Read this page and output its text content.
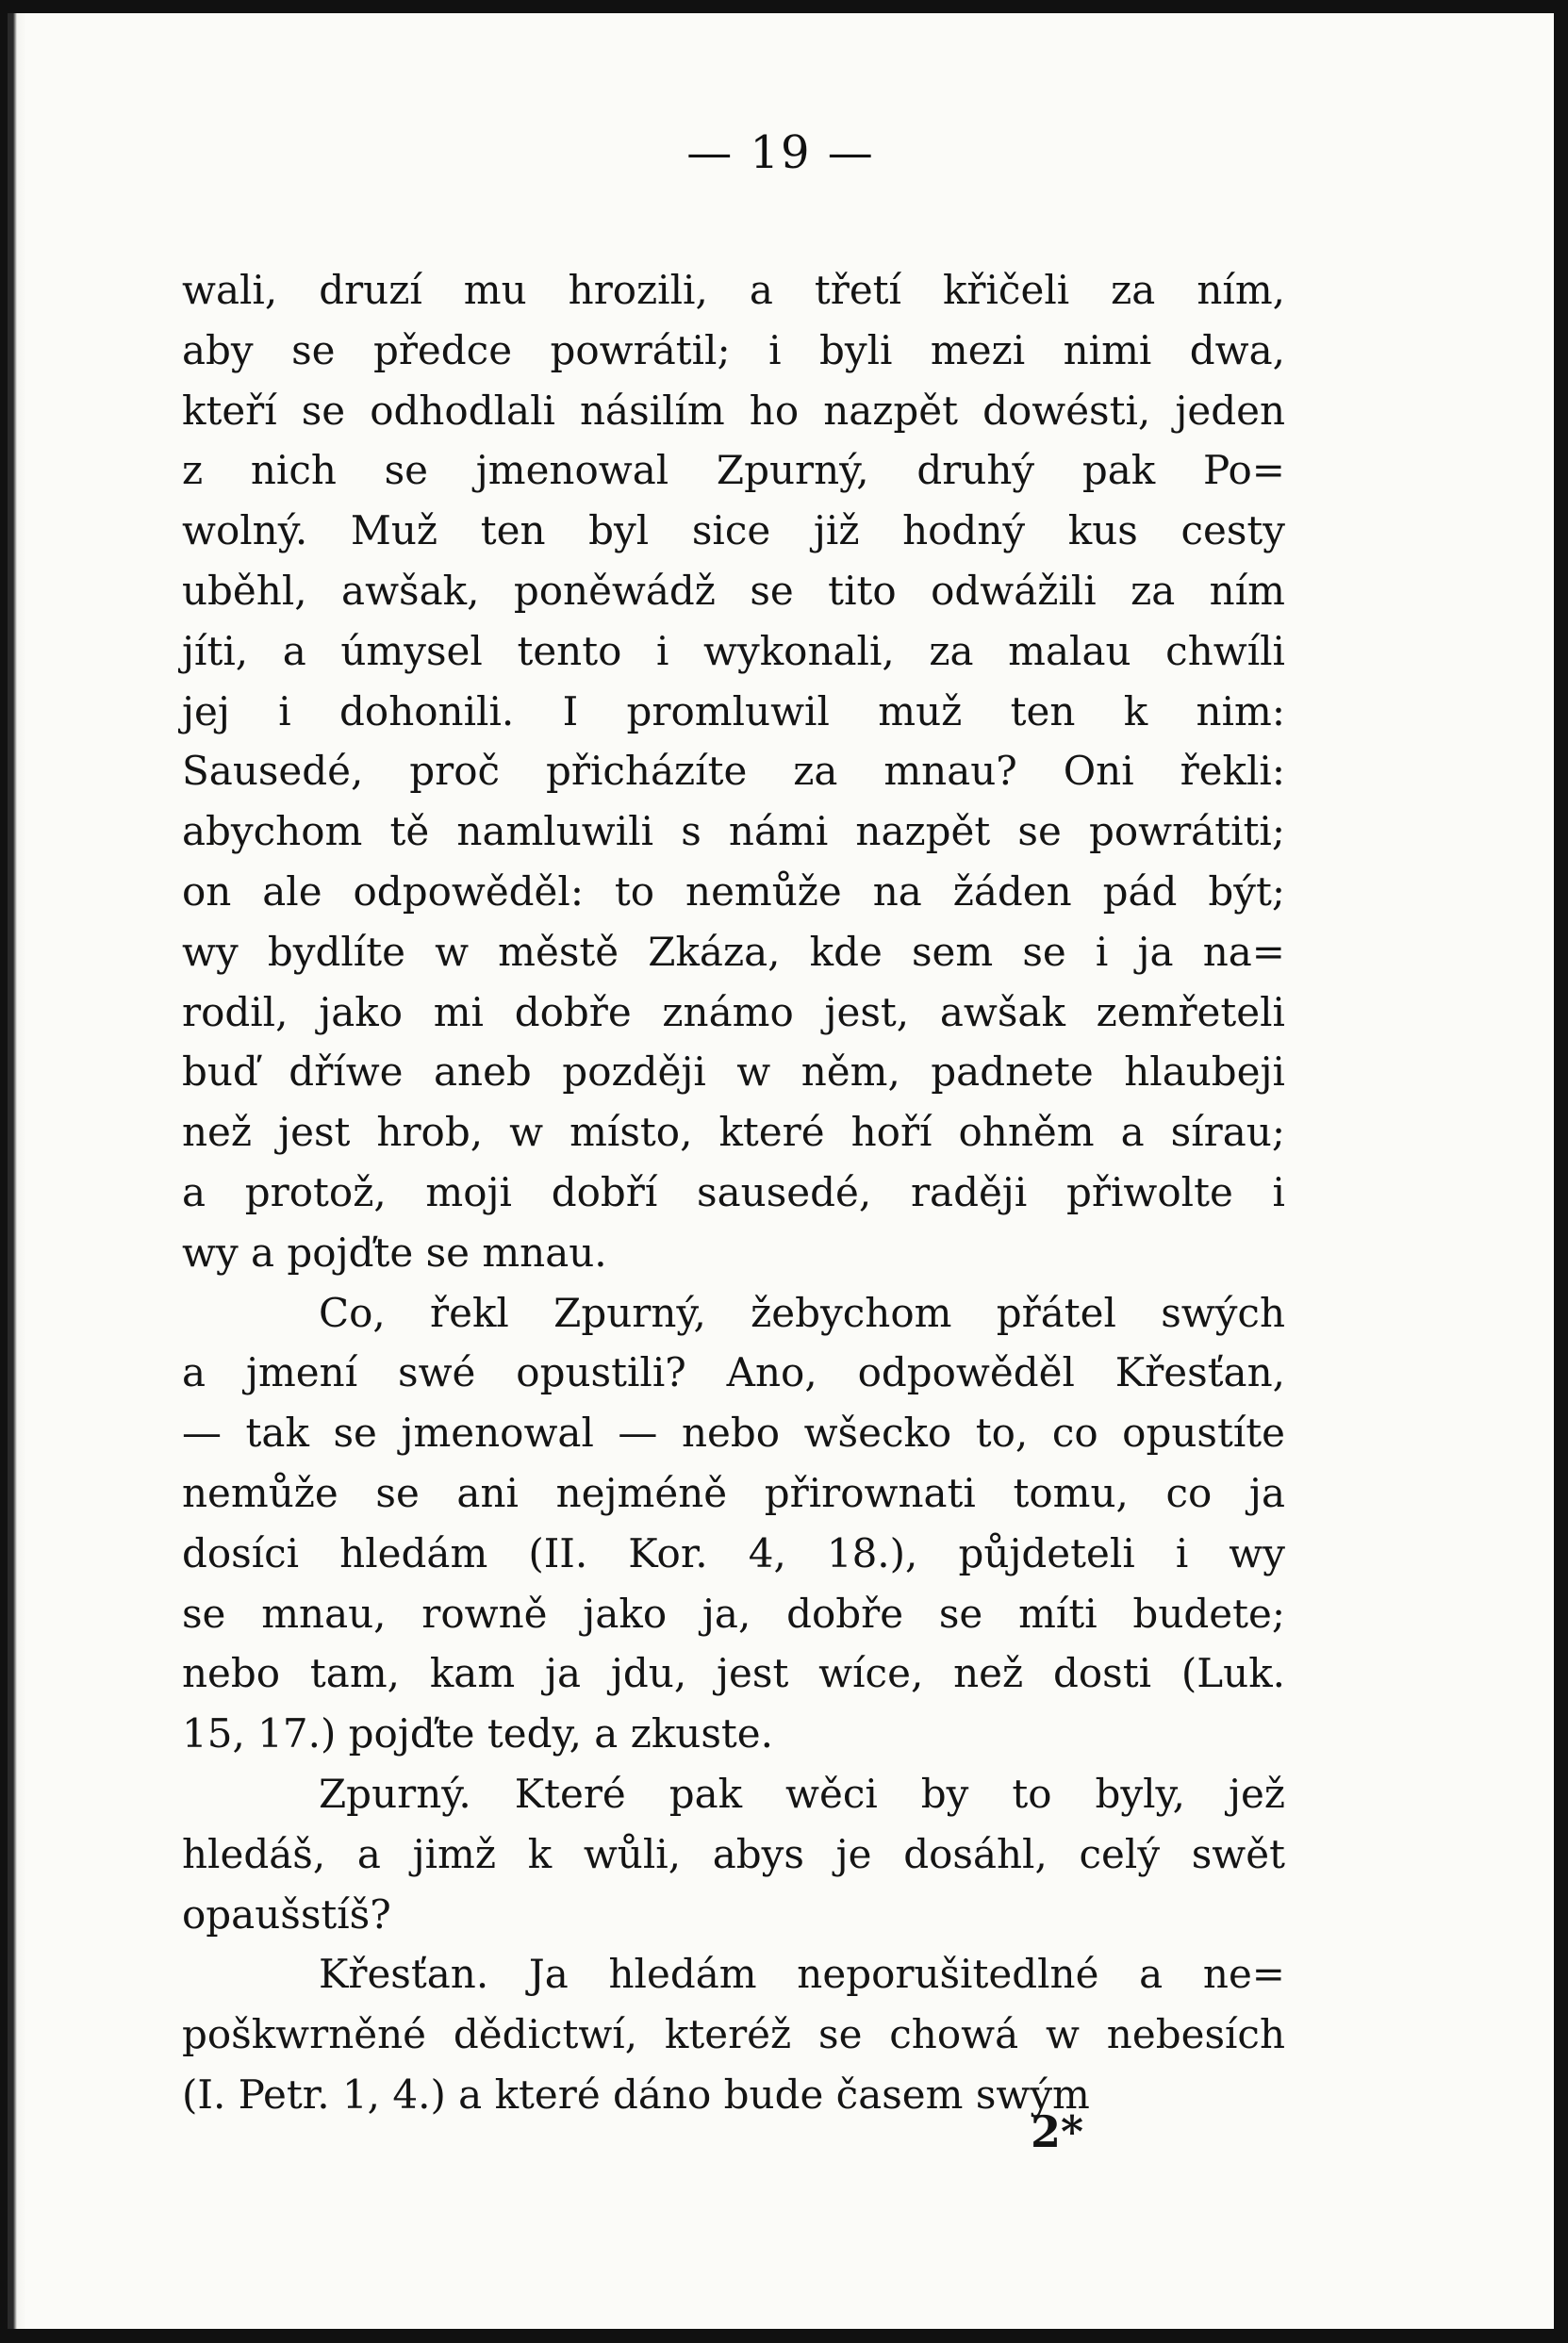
— 19 —
wali, druzí mu hrozili, a třetí křičeli za ním,
aby se předce powrátil; i byli mezi nimi dwa,
kteří se odhodlali násilím ho nazpět dowésti, jeden
z nich se jmenowal Zpurný, druhý pak Po=
wolný. Muž ten byl sice již hodný kus cesty
uběhl, awšak, poněwádž se tito odwážili za ním
jíti, a úmysel tento i wykonali, za malau chwíli
jej i dohonili. I promluwil muž ten k nim:
Sausedé, proč přicházíte za mnau? Oni řekli:
abychom tě namluwili s námi nazpět se powrátiti;
on ale odpowěděl: to nemůže na žáden pád být;
wy bydlíte w městě Zkáza, kde sem se i ja na=
rodil, jako mi dobře známo jest, awšak zemřeteli
buď dříwe aneb později w něm, padnete hlaubeji
než jest hrob, w místo, které hoří ohněm a sírau;
a protož, moji dobří sausedé, raději přiwolte i
wy a pojďte se mnau.
Co, řekl Zpurný, žebychom přátel swých
a jmení swé opustili? Ano, odpowěděl Křesťan,
— tak se jmenowal — nebo wšecko to, co opustíte
nemůže se ani nejméně přirownati tomu, co ja
dosíci hledám (II. Kor. 4, 18.), půjdeteli i wy
se mnau, rowně jako ja, dobře se míti budete;
nebo tam, kam ja jdu, jest wíce, než dosti (Luk.
15, 17.) pojďte tedy, a zkuste.
Zpurný. Které pak wěci by to byly, jež
hledáš, a jimž k wůli, abys je dosáhl, celý swět
opaušstíš?
Křesťan. Ja hledám neporušitedlné a ne=
poškwrněné dědictwí, kteréž se chowá w nebesích
(I. Petr. 1, 4.) a které dáno bude časem swým
2*
